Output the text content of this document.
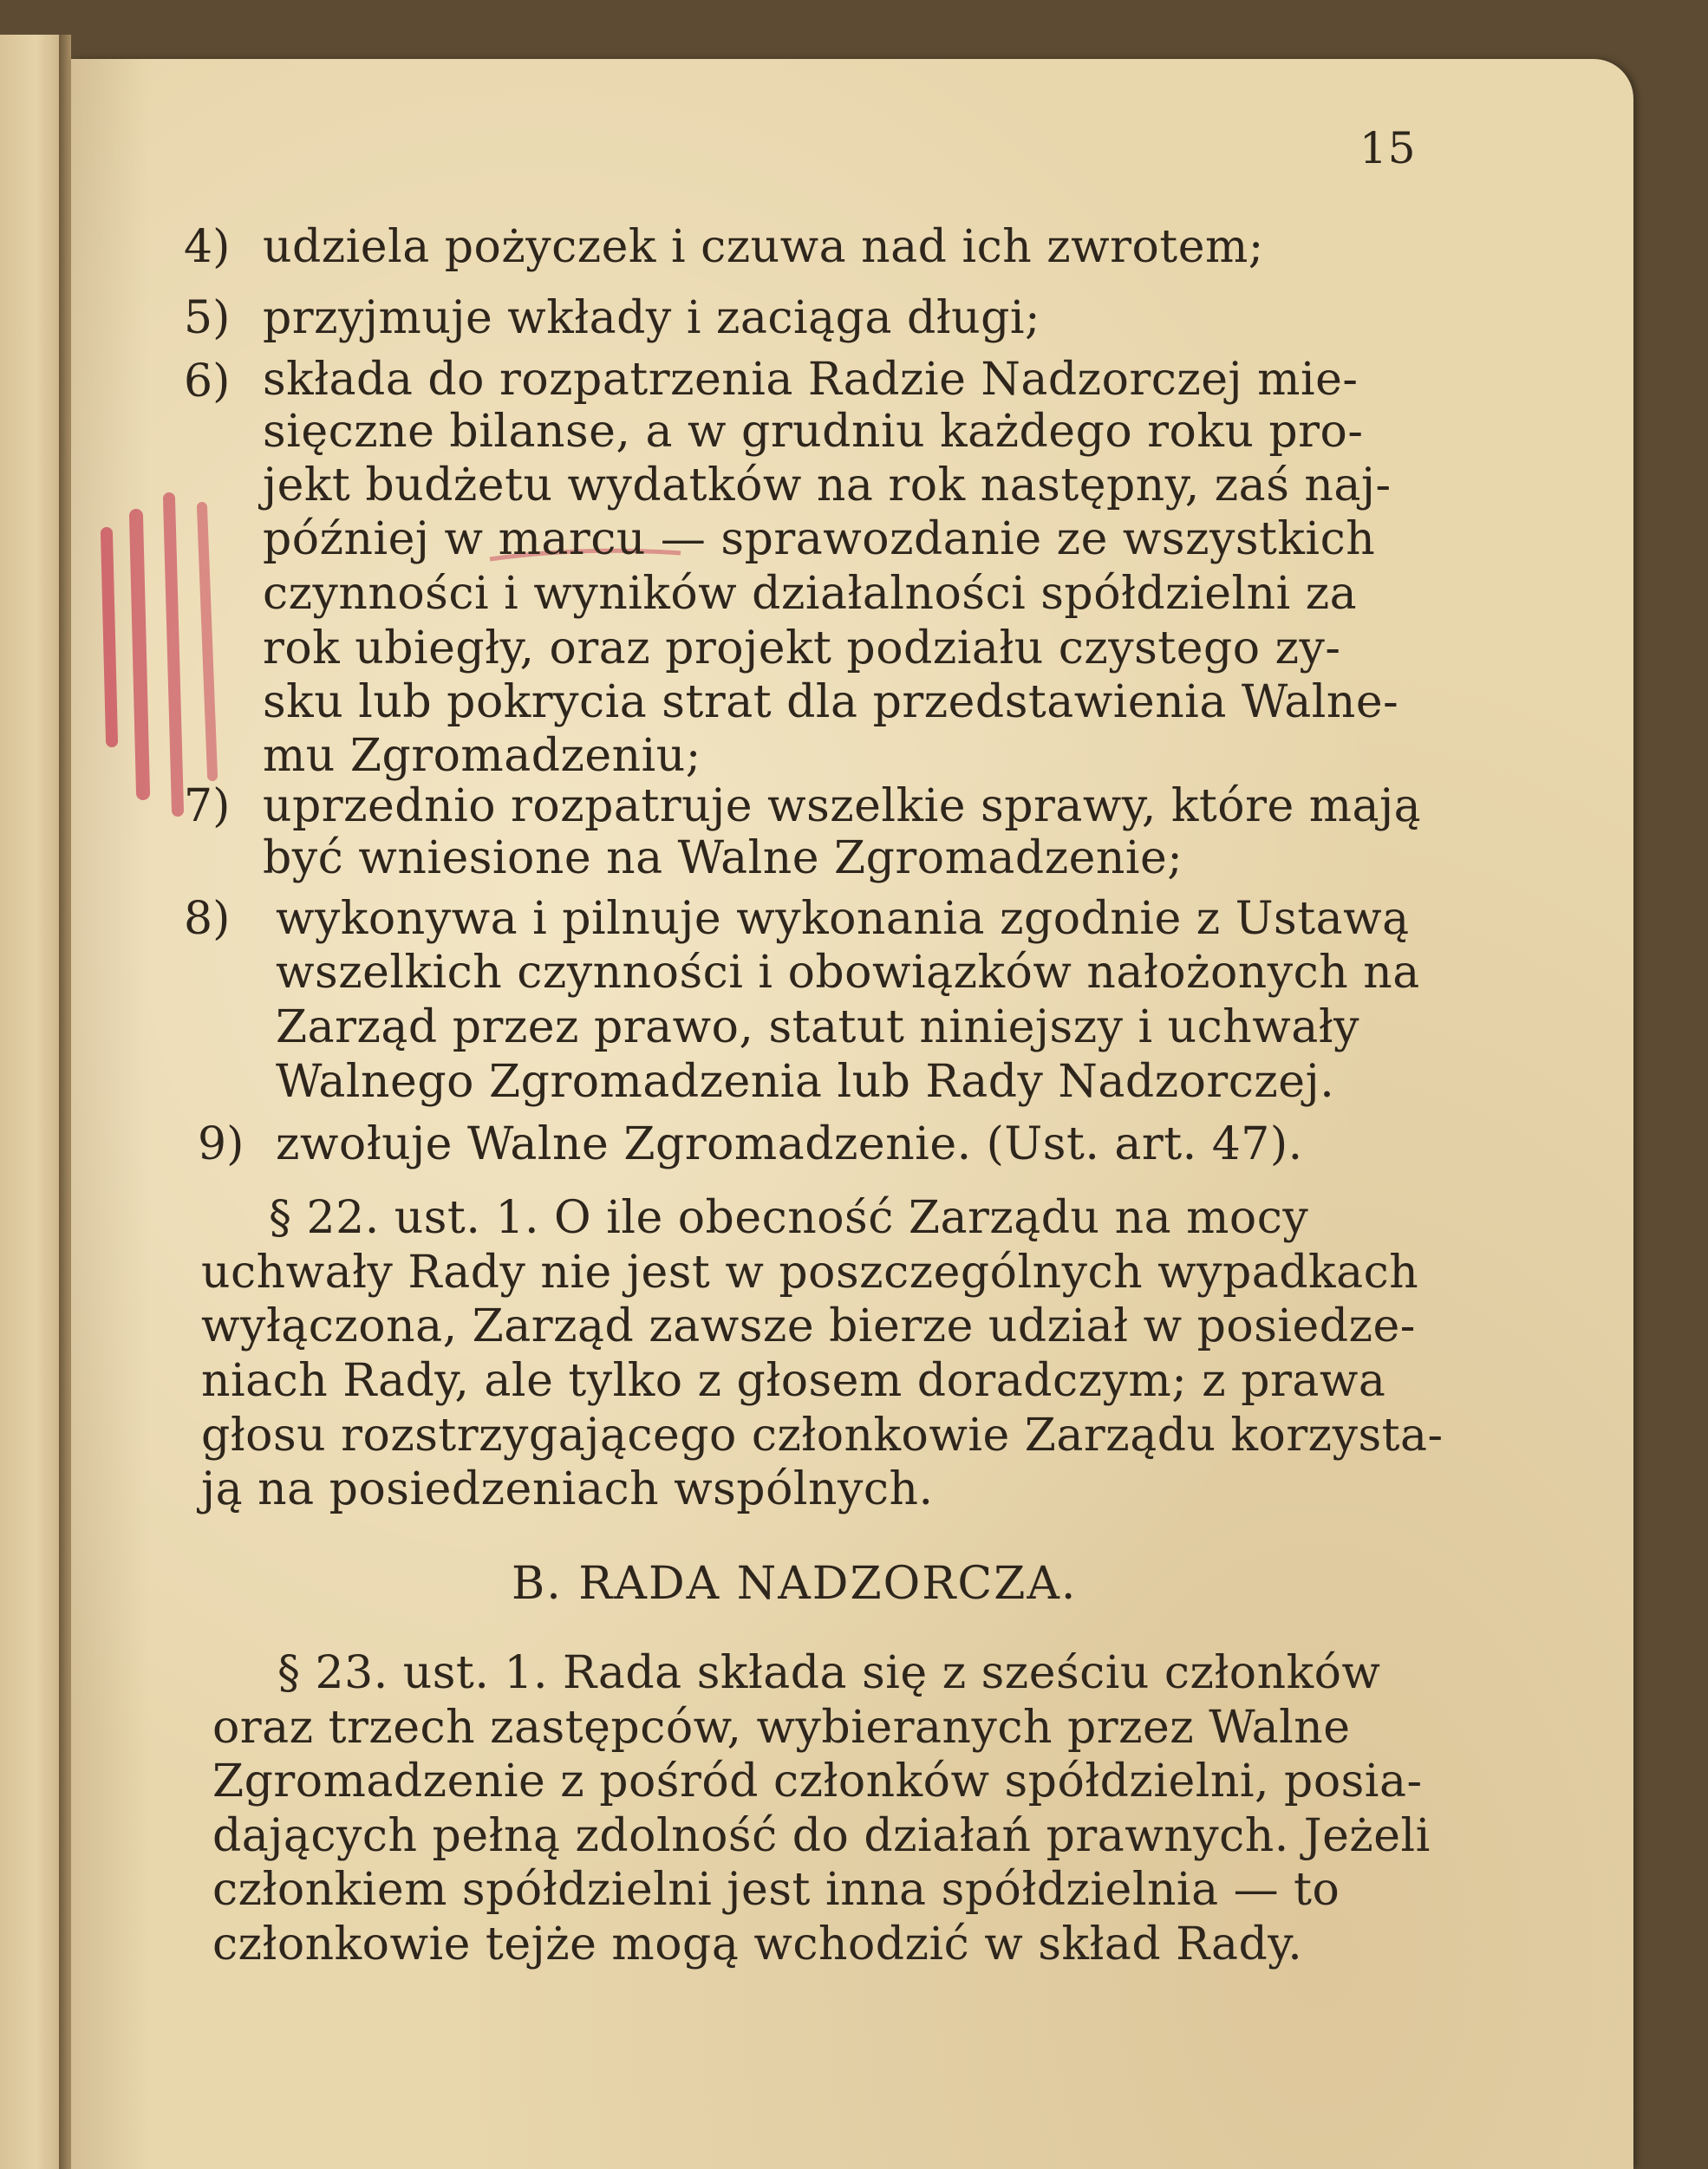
15
4) udziela pożyczek i czuwa nad ich zwrotem;
5) przyjmuje wkłady i zaciąga długi;
6) składa do rozpatrzenia Radzie Nadzorczej mie-
sięczne bilanse, a w grudniu każdego roku pro-
jekt budżetu wydatków na rok następny, zaś naj-
później w marcu — sprawozdanie ze wszystkich
czynności i wyników działalności spółdzielni za
rok ubiegły, oraz projekt podziału czystego zy-
sku lub pokrycia strat dla przedstawienia Walne-
mu Zgromadzeniu;
7) uprzednio rozpatruje wszelkie sprawy, które mają
być wniesione na Walne Zgromadzenie;
8) wykonywa i pilnuje wykonania zgodnie z Ustawą
wszelkich czynności i obowiązków nałożonych na
Zarząd przez prawo, statut niniejszy i uchwały
Walnego Zgromadzenia lub Rady Nadzorczej.
9) zwołuje Walne Zgromadzenie. (Ust. art. 47).
§ 22. ust. 1. O ile obecność Zarządu na mocy
uchwały Rady nie jest w poszczególnych wypadkach
wyłączona, Zarząd zawsze bierze udział w posiedze-
niach Rady, ale tylko z głosem doradczym; z prawa
głosu rozstrzygającego członkowie Zarządu korzysta-
ją na posiedzeniach wspólnych.
B. RADA NADZORCZA.
§ 23. ust. 1. Rada składa się z sześciu członków
oraz trzech zastępców, wybieranych przez Walne
Zgromadzenie z pośród członków spółdzielni, posia-
dających pełną zdolność do działań prawnych. Jeżeli
członkiem spółdzielni jest inna spółdzielnia — to
członkowie tejże mogą wchodzić w skład Rady.
